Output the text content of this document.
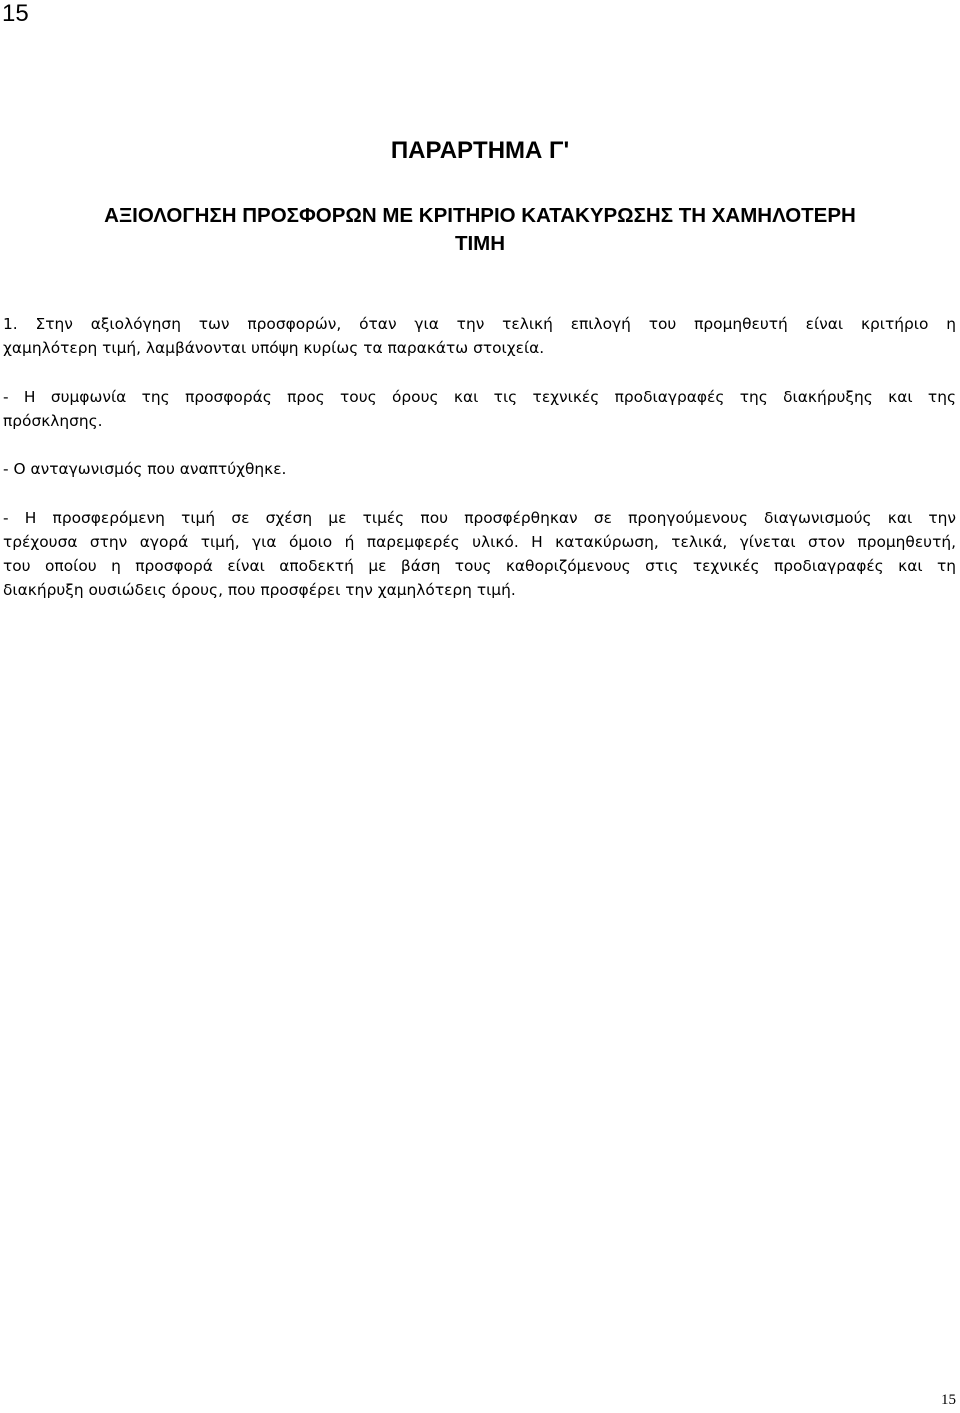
15
ΠΑΡΑΡΤΗΜΑ Γ'
ΑΞΙΟΛΟΓΗΣΗ ΠΡΟΣΦΟΡΩΝ ΜΕ ΚΡΙΤΗΡΙΟ ΚΑΤΑΚΥΡΩΣΗΣ ΤΗ ΧΑΜΗΛΟΤΕΡΗ
ΤΙΜΗ
1. Στην αξιολόγηση των προσφορών, όταν για την τελική επιλογή του προμηθευτή είναι κριτήριο η
χαμηλότερη τιμή, λαμβάνονται υπόψη κυρίως τα παρακάτω στοιχεία.
- Η συμφωνία της προσφοράς προς τους όρους και τις τεχνικές προδιαγραφές της διακήρυξης και της
πρόσκλησης.
- Ο ανταγωνισμός που αναπτύχθηκε.
- Η προσφερόμενη τιμή σε σχέση με τιμές που προσφέρθηκαν σε προηγούμενους διαγωνισμούς και την
τρέχουσα στην αγορά τιμή, για όμοιο ή παρεμφερές υλικό. Η κατακύρωση, τελικά, γίνεται στον προμηθευτή,
του οποίου η προσφορά είναι αποδεκτή με βάση τους καθοριζόμενους στις τεχνικές προδιαγραφές και τη
διακήρυξη ουσιώδεις όρους, που προσφέρει την χαμηλότερη τιμή.
15
